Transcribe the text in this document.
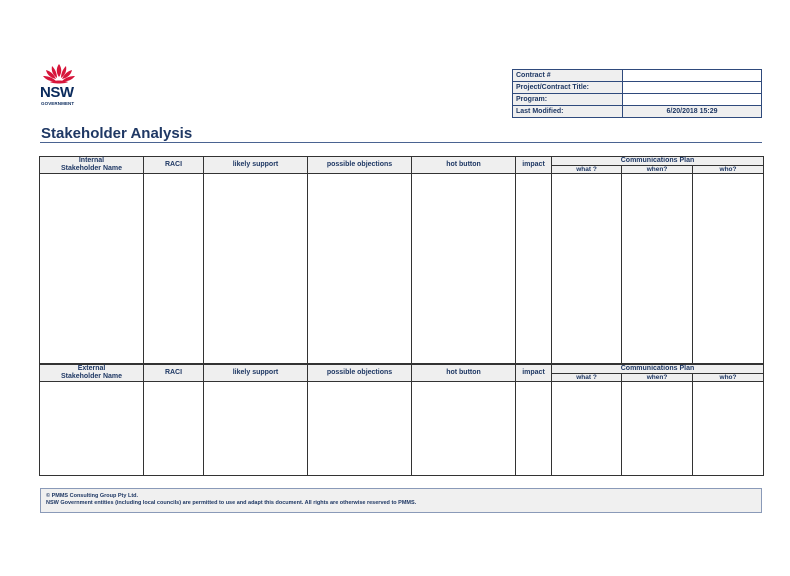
NSW
GOVERNMENT
Contract #	
Project/Contract Title:	
Program:	
Last Modified:	6/20/2018 15:29
Stakeholder Analysis
Internal
Stakeholder Name	RACI	likely support	possible objections	hot button	impact	Communications Plan		
						what ?	when?	who?

External
Stakeholder Name	RACI	likely support	possible objections	hot button	impact	Communications Plan		
						what ?	when?	who?

© PMMS Consulting Group Pty Ltd.
NSW Government entities (including local councils) are permitted to use and adapt this document. All rights are otherwise reserved to PMMS.
